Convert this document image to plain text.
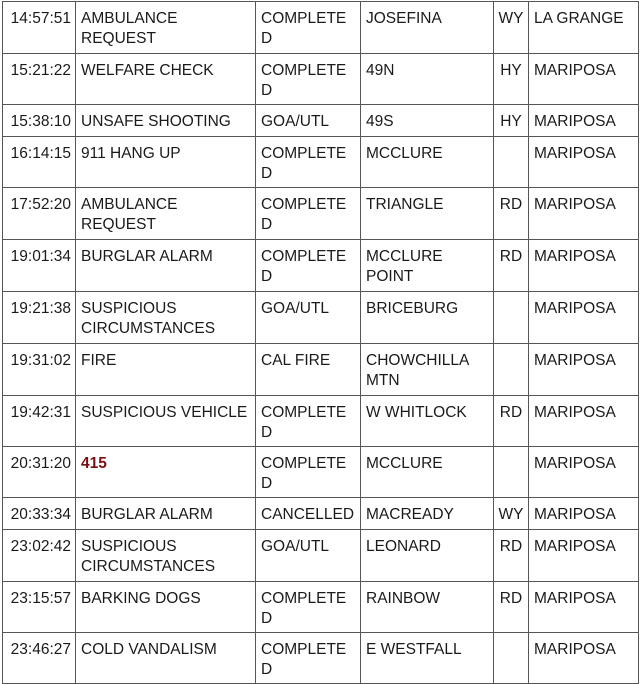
14:57:51	AMBULANCE REQUEST	COMPLETED	JOSEFINA	WY	LA GRANGE
15:21:22	WELFARE CHECK	COMPLETED	49N	HY	MARIPOSA
15:38:10	UNSAFE SHOOTING	GOA/UTL	49S	HY	MARIPOSA
16:14:15	911 HANG UP	COMPLETED	MCCLURE		MARIPOSA
17:52:20	AMBULANCE REQUEST	COMPLETED	TRIANGLE	RD	MARIPOSA
19:01:34	BURGLAR ALARM	COMPLETED	MCCLURE POINT	RD	MARIPOSA
19:21:38	SUSPICIOUS CIRCUMSTANCES	GOA/UTL	BRICEBURG		MARIPOSA
19:31:02	FIRE	CAL FIRE	CHOWCHILLA MTN		MARIPOSA
19:42:31	SUSPICIOUS VEHICLE	COMPLETED	W WHITLOCK	RD	MARIPOSA
20:31:20	415	COMPLETED	MCCLURE		MARIPOSA
20:33:34	BURGLAR ALARM	CANCELLED	MACREADY	WY	MARIPOSA
23:02:42	SUSPICIOUS CIRCUMSTANCES	GOA/UTL	LEONARD	RD	MARIPOSA
23:15:57	BARKING DOGS	COMPLETED	RAINBOW	RD	MARIPOSA
23:46:27	COLD VANDALISM	COMPLETED	E WESTFALL		MARIPOSA
